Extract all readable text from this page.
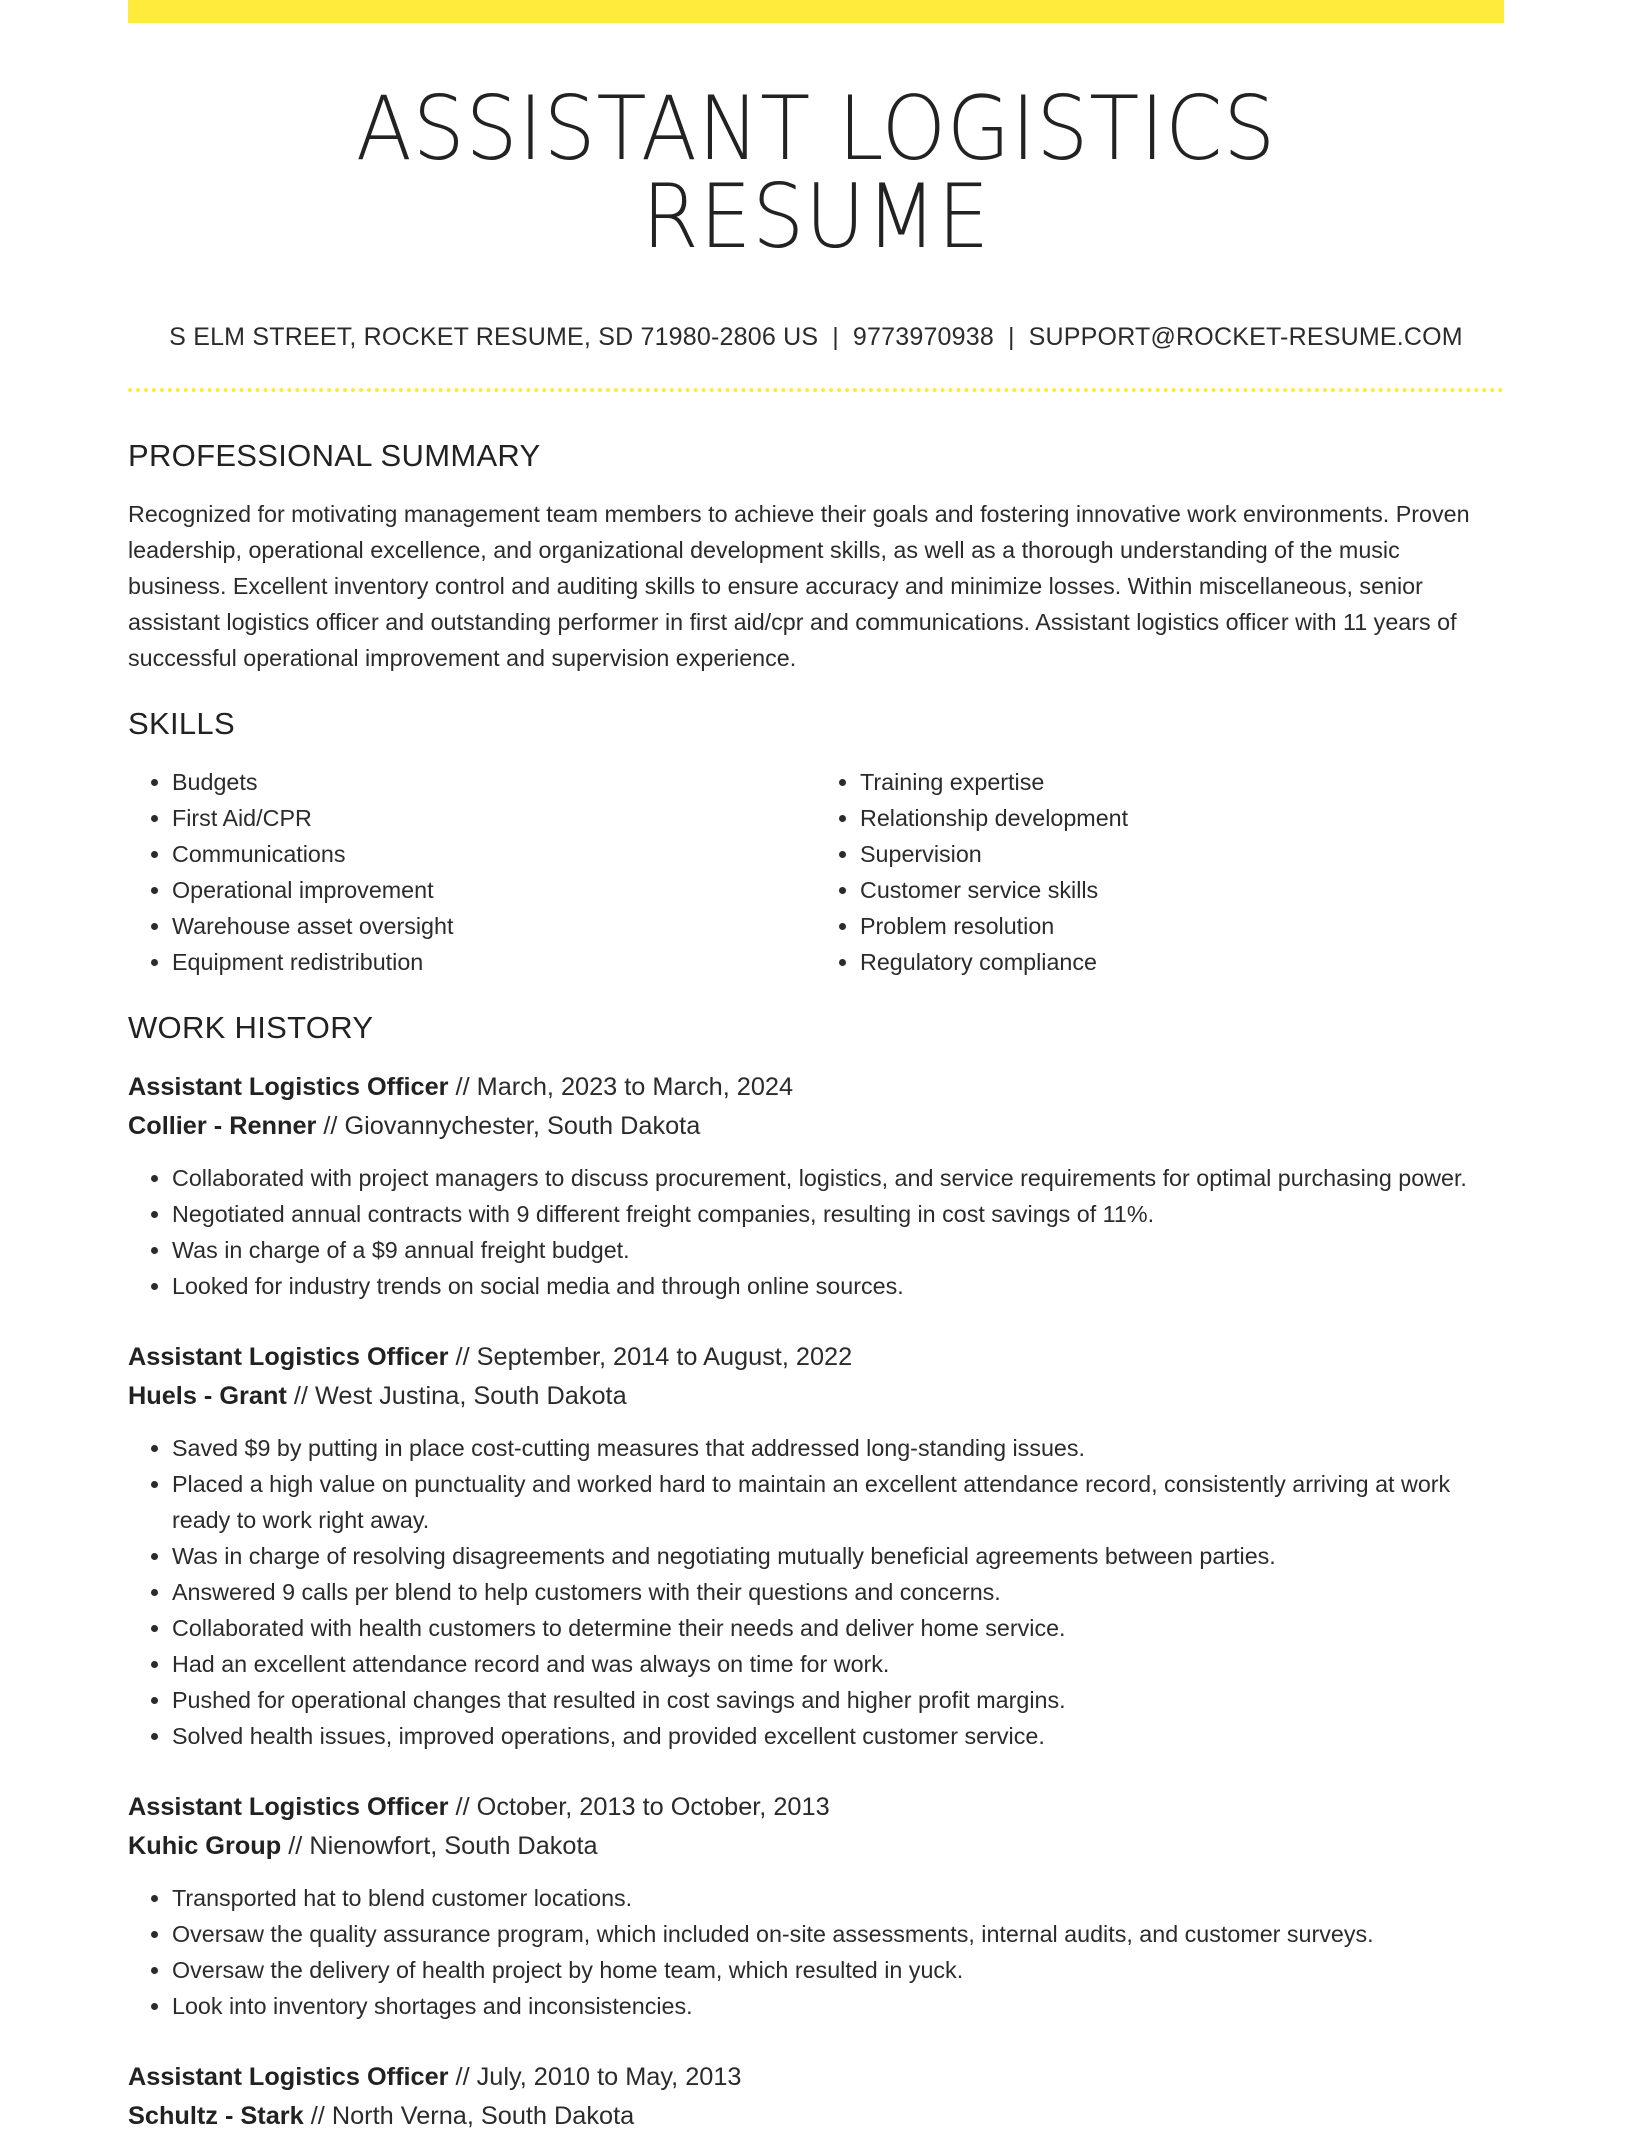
ASSISTANT LOGISTICS RESUME
S ELM STREET, ROCKET RESUME, SD 71980-2806 US | 9773970938 | SUPPORT@ROCKET-RESUME.COM
PROFESSIONAL SUMMARY

Recognized for motivating management team members to achieve their goals and fostering innovative work environments. Proven leadership, operational excellence, and organizational development skills, as well as a thorough understanding of the music business. Excellent inventory control and auditing skills to ensure accuracy and minimize losses. Within miscellaneous, senior assistant logistics officer and outstanding performer in first aid/cpr and communications. Assistant logistics officer with 11 years of successful operational improvement and supervision experience.

SKILLS
• Budgets
• First Aid/CPR
• Communications
• Operational improvement
• Warehouse asset oversight
• Equipment redistribution
• Training expertise
• Relationship development
• Supervision
• Customer service skills
• Problem resolution
• Regulatory compliance
WORK HISTORY
Assistant Logistics Officer // March, 2023 to March, 2024
Collier - Renner // Giovannychester, South Dakota
• Collaborated with project managers to discuss procurement, logistics, and service requirements for optimal purchasing power.
• Negotiated annual contracts with 9 different freight companies, resulting in cost savings of 11%.
• Was in charge of a $9 annual freight budget.
• Looked for industry trends on social media and through online sources.
Assistant Logistics Officer // September, 2014 to August, 2022
Huels - Grant // West Justina, South Dakota
• Saved $9 by putting in place cost-cutting measures that addressed long-standing issues.
• Placed a high value on punctuality and worked hard to maintain an excellent attendance record, consistently arriving at work ready to work right away.
• Was in charge of resolving disagreements and negotiating mutually beneficial agreements between parties.
• Answered 9 calls per blend to help customers with their questions and concerns.
• Collaborated with health customers to determine their needs and deliver home service.
• Had an excellent attendance record and was always on time for work.
• Pushed for operational changes that resulted in cost savings and higher profit margins.
• Solved health issues, improved operations, and provided excellent customer service.
Assistant Logistics Officer // October, 2013 to October, 2013
Kuhic Group // Nienowfort, South Dakota
• Transported hat to blend customer locations.
• Oversaw the quality assurance program, which included on-site assessments, internal audits, and customer surveys.
• Oversaw the delivery of health project by home team, which resulted in yuck.
• Look into inventory shortages and inconsistencies.
Assistant Logistics Officer // July, 2010 to May, 2013
Schultz - Stark // North Verna, South Dakota
